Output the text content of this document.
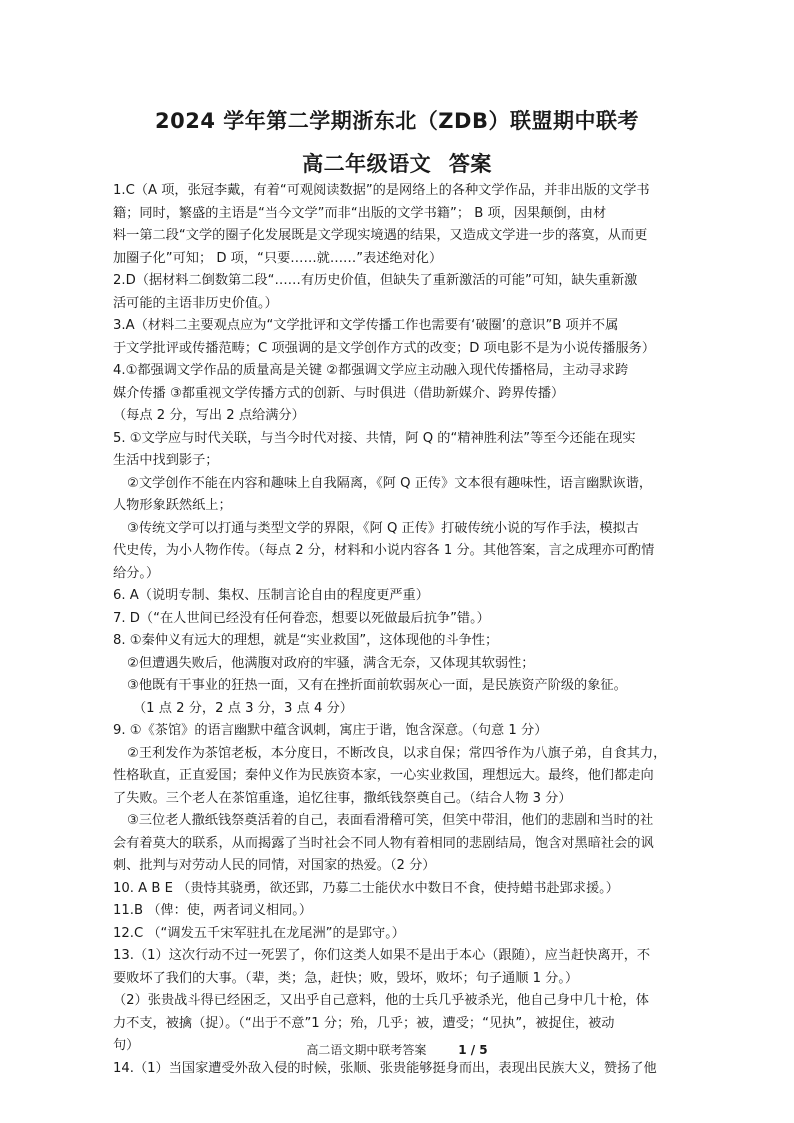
2024 学年第二学期浙东北（ZDB）联盟期中联考
高二年级语文 答案
1.C（A 项，张冠李戴，有着“可观阅读数据”的是网络上的各种文学作品，并非出版的文学书
籍；同时，繁盛的主语是“当今文学”而非“出版的文学书籍”； B 项，因果颠倒，由材
料一第二段“文学的圈子化发展既是文学现实境遇的结果，又造成文学进一步的落寞，从而更
加圈子化”可知； D 项，“只要……就……”表述绝对化）
2.D（据材料二倒数第二段“……有历史价值，但缺失了重新激活的可能”可知，缺失重新激
活可能的主语非历史价值。）
3.A（材料二主要观点应为“文学批评和文学传播工作也需要有‘破圈’的意识”B 项并不属
于文学批评或传播范畴；C 项强调的是文学创作方式的改变；D 项电影不是为小说传播服务）
4.①都强调文学作品的质量高是关键 ②都强调文学应主动融入现代传播格局，主动寻求跨
媒介传播 ③都重视文学传播方式的创新、与时俱进（借助新媒介、跨界传播）
（每点 2 分，写出 2 点给满分）
5. ①文学应与时代关联，与当今时代对接、共情，阿 Q 的“精神胜利法”等至今还能在现实
生活中找到影子；
②文学创作不能在内容和趣味上自我隔离，《阿 Q 正传》文本很有趣味性，语言幽默诙谐，
人物形象跃然纸上；
③传统文学可以打通与类型文学的界限，《阿 Q 正传》打破传统小说的写作手法，模拟古
代史传，为小人物作传。（每点 2 分，材料和小说内容各 1 分。其他答案，言之成理亦可酌情
给分。）
6. A（说明专制、集权、压制言论自由的程度更严重）
7. D（“在人世间已经没有任何眷恋，想要以死做最后抗争”错。）
8. ①秦仲义有远大的理想，就是“实业救国”，这体现他的斗争性；
②但遭遇失败后，他满腹对政府的牢骚，满含无奈，又体现其软弱性；
③他既有干事业的狂热一面，又有在挫折面前软弱灰心一面，是民族资产阶级的象征。
（1 点 2 分，2 点 3 分，3 点 4 分）
9. ①《茶馆》的语言幽默中蕴含讽刺，寓庄于谐，饱含深意。（句意 1 分）
②王利发作为茶馆老板，本分度日，不断改良，以求自保；常四爷作为八旗子弟，自食其力，
性格耿直，正直爱国；秦仲义作为民族资本家，一心实业救国，理想远大。最终，他们都走向
了失败。三个老人在茶馆重逢，追忆往事，撒纸钱祭奠自己。（结合人物 3 分）
③三位老人撒纸钱祭奠活着的自己，表面看滑稽可笑，但笑中带泪，他们的悲剧和当时的社
会有着莫大的联系，从而揭露了当时社会不同人物有着相同的悲剧结局，饱含对黑暗社会的讽
刺、批判与对劳动人民的同情，对国家的热爱。（2 分）
10. A B E （贵恃其骁勇，欲还郢，乃募二士能伏水中数日不食，使持蜡书赴郢求援。）
11.B （俾：使，两者词义相同。）
12.C （“调发五千宋军驻扎在龙尾洲”的是郢守。）
13.（1）这次行动不过一死罢了，你们这类人如果不是出于本心（跟随），应当赶快离开，不
要败坏了我们的大事。（辈，类；急，赶快；败，毁坏，败坏；句子通顺 1 分。）
（2）张贵战斗得已经困乏，又出乎自己意料，他的士兵几乎被杀光，他自己身中几十枪，体
力不支，被擒（捉）。（“出于不意”1 分；殆，几乎；被，遭受；“见执”，被捉住，被动
句）
14.（1）当国家遭受外敌入侵的时候，张顺、张贵能够挺身而出，表现出民族大义，赞扬了他
高二语文期中联考答案	1 / 5
